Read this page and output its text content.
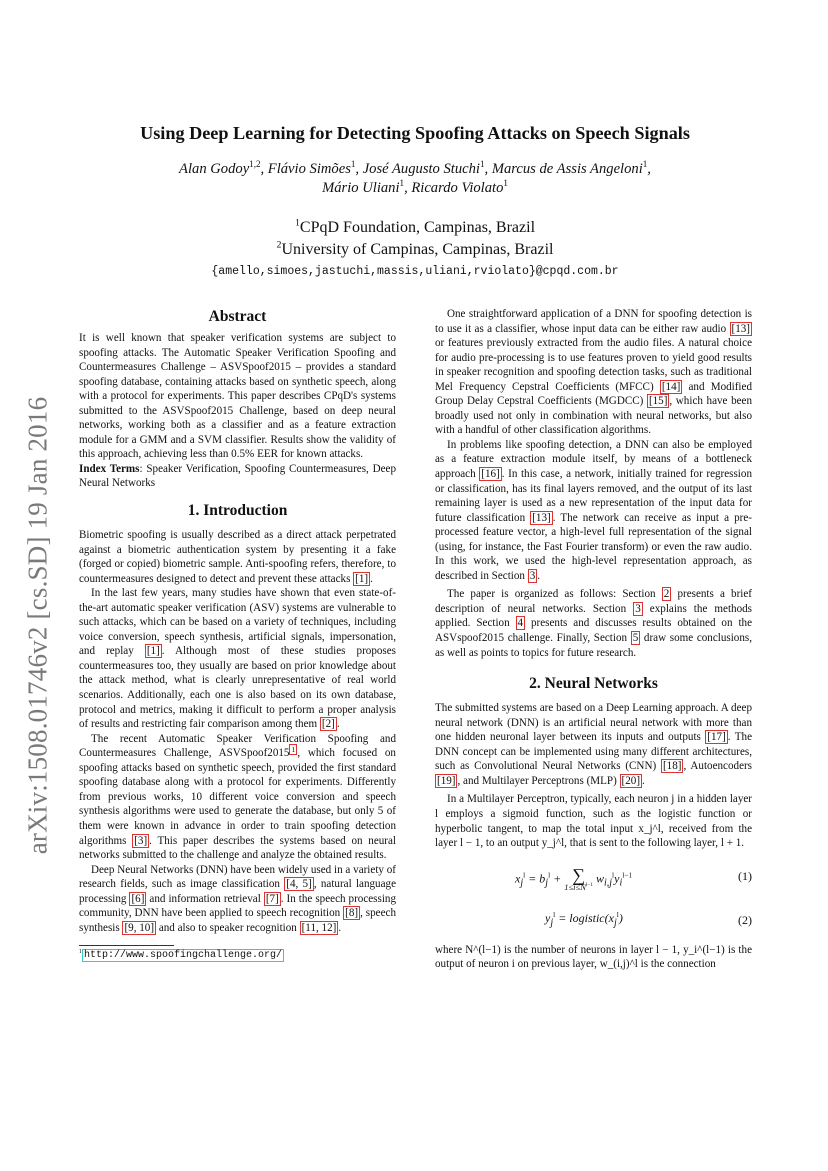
arXiv:1508.01746v2 [cs.SD] 19 Jan 2016
Using Deep Learning for Detecting Spoofing Attacks on Speech Signals
Alan Godoy$^{1,2}$, Flávio Simões$^1$, José Augusto Stuchi$^1$, Marcus de Assis Angeloni$^1$,
Mário Uliani$^1$, Ricardo Violato$^1$
$^1$CPqD Foundation, Campinas, Brazil
$^2$University of Campinas, Campinas, Brazil
{amello,simoes,jastuchi,massis,uliani,rviolato}@cpqd.com.br
Abstract

It is well known that speaker verification systems are subject to spoofing attacks. The Automatic Speaker Verification Spoofing and Countermeasures Challenge – ASVSpoof2015 – provides a standard spoofing database, containing attacks based on synthetic speech, along with a protocol for experiments. This paper describes CPqD's systems submitted to the ASVSpoof2015 Challenge, based on deep neural networks, working both as a classifier and as a feature extraction module for a GMM and a SVM classifier. Results show the validity of this approach, achieving less than 0.5% EER for known attacks.

Index Terms: Speaker Verification, Spoofing Countermeasures, Deep Neural Networks

1. Introduction

Biometric spoofing is usually described as a direct attack perpetrated against a biometric authentication system by presenting it a fake (forged or copied) biometric sample. Anti-spoofing refers, therefore, to countermeasures designed to detect and prevent these attacks [1] .

In the last few years, many studies have shown that even state-of-the-art automatic speaker verification (ASV) systems are vulnerable to such attacks, which can be based on a variety of techniques, including voice conversion, speech synthesis, artificial signals, impersonation, and replay [1] . Although most of these studies proposes countermeasures too, they usually are based on prior knowledge about the attack method, what is clearly unrepresentative of real world scenarios. Additionally, each one is also based on its own database, protocol and metrics, making it difficult to perform a proper analysis of results and restricting fair comparison among them [2] .

The recent Automatic Speaker Verification Spoofing and Countermeasures Challenge, ASVSpoof2015 $^1$ , which focused on spoofing attacks based on synthetic speech, provided the first standard spoofing database along with a protocol for experiments. Differently from previous works, 10 different voice conversion and speech synthesis algorithms were used to generate the database, but only 5 of them were known in advance in order to train spoofing detection algorithms [3] . This paper describes the systems based on neural networks submitted to the challenge and analyze the obtained results.

Deep Neural Networks (DNN) have been widely used in a variety of research fields, such as image classification [4, 5] , natural language processing [6] and information retrieval [7] . In the speech processing community, DNN have been applied to speech recognition [8] , speech synthesis [9, 10] and also to speaker recognition [11, 12] .

$^1$ http://www.spoofingchallenge.org/

One straightforward application of a DNN for spoofing detection is to use it as a classifier, whose input data can be either raw audio [13] or features previously extracted from the audio files. A natural choice for audio pre-processing is to use features proven to yield good results in speaker recognition and spoofing detection tasks, such as traditional Mel Frequency Cepstral Coefficients (MFCC) [14] and Modified Group Delay Cepstral Coefficients (MGDCC) [15] , which have been broadly used not only in combination with neural networks, but also with a handful of other classification algorithms.

In problems like spoofing detection, a DNN can also be employed as a feature extraction module itself, by means of a bottleneck approach [16] . In this case, a network, initially trained for regression or classification, has its final layers removed, and the output of its last remaining layer is used as a new representation of the input data for future classification [13] . The network can receive as input a pre-processed feature vector, a high-level full representation of the signal (using, for instance, the Fast Fourier transform) or even the raw audio. In this work, we used the high-level representation approach, as described in Section 3 .

The paper is organized as follows: Section 2 presents a brief description of neural networks. Section 3 explains the methods applied. Section 4 presents and discusses results obtained on the ASVspoof2015 challenge. Finally, Section 5 draw some conclusions, as well as points to topics for future research.

2. Neural Networks

The submitted systems are based on a Deep Learning approach. A deep neural network (DNN) is an artificial neural network with more than one hidden neuronal layer between its inputs and outputs [17] . The DNN concept can be implemented using many different architectures, such as Convolutional Neural Networks (CNN) [18] , Autoencoders [19] , and Multilayer Perceptrons (MLP) [20] .

In a Multilayer Perceptron, typically, each neuron j in a hidden layer l employs a sigmoid function, such as the logistic function or hyperbolic tangent, to map the total input x_j^l, received from the layer l − 1, to an output y_j^l, that is sent to the following layer, l + 1.

$x_j^l = b_j^l$ + ∑
$1\le i\le N^{l-1}$ $w_{i,j}^ly_i^{l-1}$	(1)
$y_j^l$ = $logistic(x_j^l)$	(2)

where N^(l−1) is the number of neurons in layer l − 1, y_i^(l−1) is the output of neuron i on previous layer, w_(i,j)^l is the connection
